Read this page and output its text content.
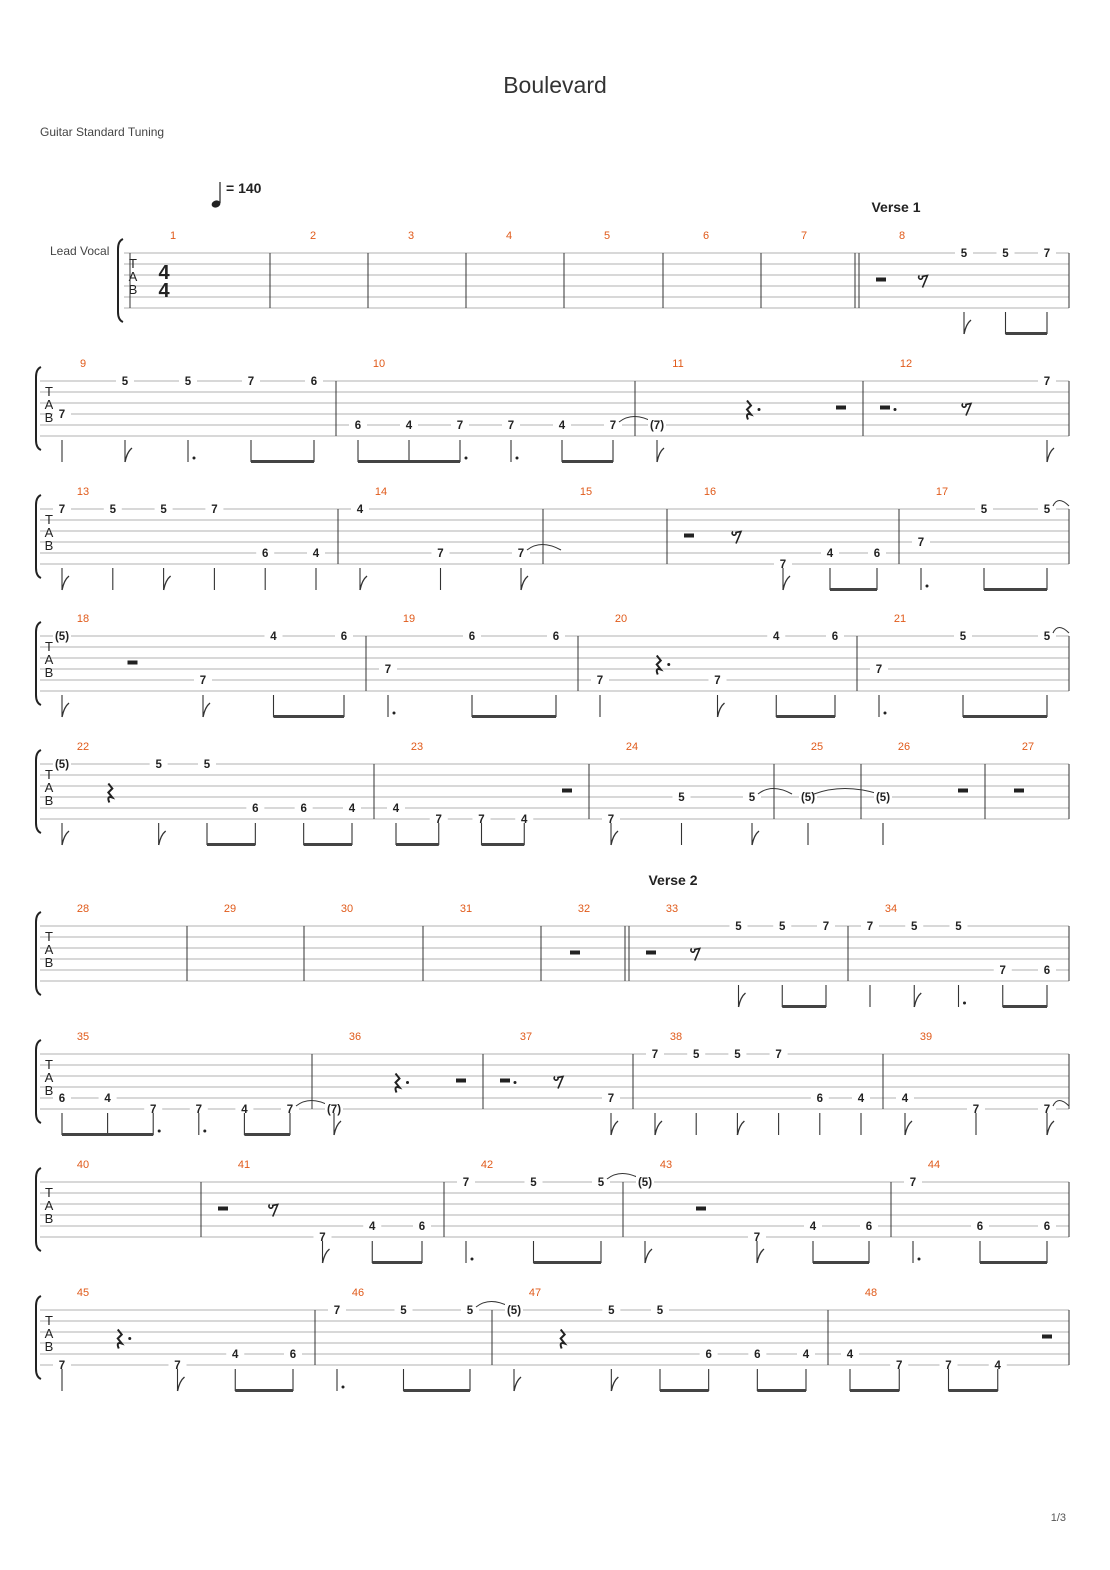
Boulevard
Guitar Standard Tuning
= 140
Lead Vocal
Verse 1
Verse 2
T
A
B
4
4
1	2	3	4	5	6	7	8
5	5	7
T
A
B
9
7
5	5	7	6
10
6	4	7	7	4	7
11
(7)
12
7
T
A
B
13
7	5	5	7
6	4
14
4
7	7
15	16
7
4	6
17
7
5	5
T
A
B
18
(5)
7
4	6
19
7
6	6
20
7	7
4	6
21
7
5	5
T
A
B
22
(5)	5	5
6	6	4
23
4
7	7	4
24
7
5	5
25
(5)
26
(5)
27
T
A
B
28	29	30	31	32	33
5	5	7
34
7	5	5
7	6
T
A
B
35
6	4
7	7	4	7
36
(7)
37
7
38
7	5	5	7
6	4
39
4
7	7
T
A
B
40	41
7
4	6
42
7	5	5
43
(5)
7
4	6
44
7
6	6
T
A
B
45
7	7
4	6
46
7	5	5
47
(5)	5	5
6	6	4
48
4
7	7	4
1/3
